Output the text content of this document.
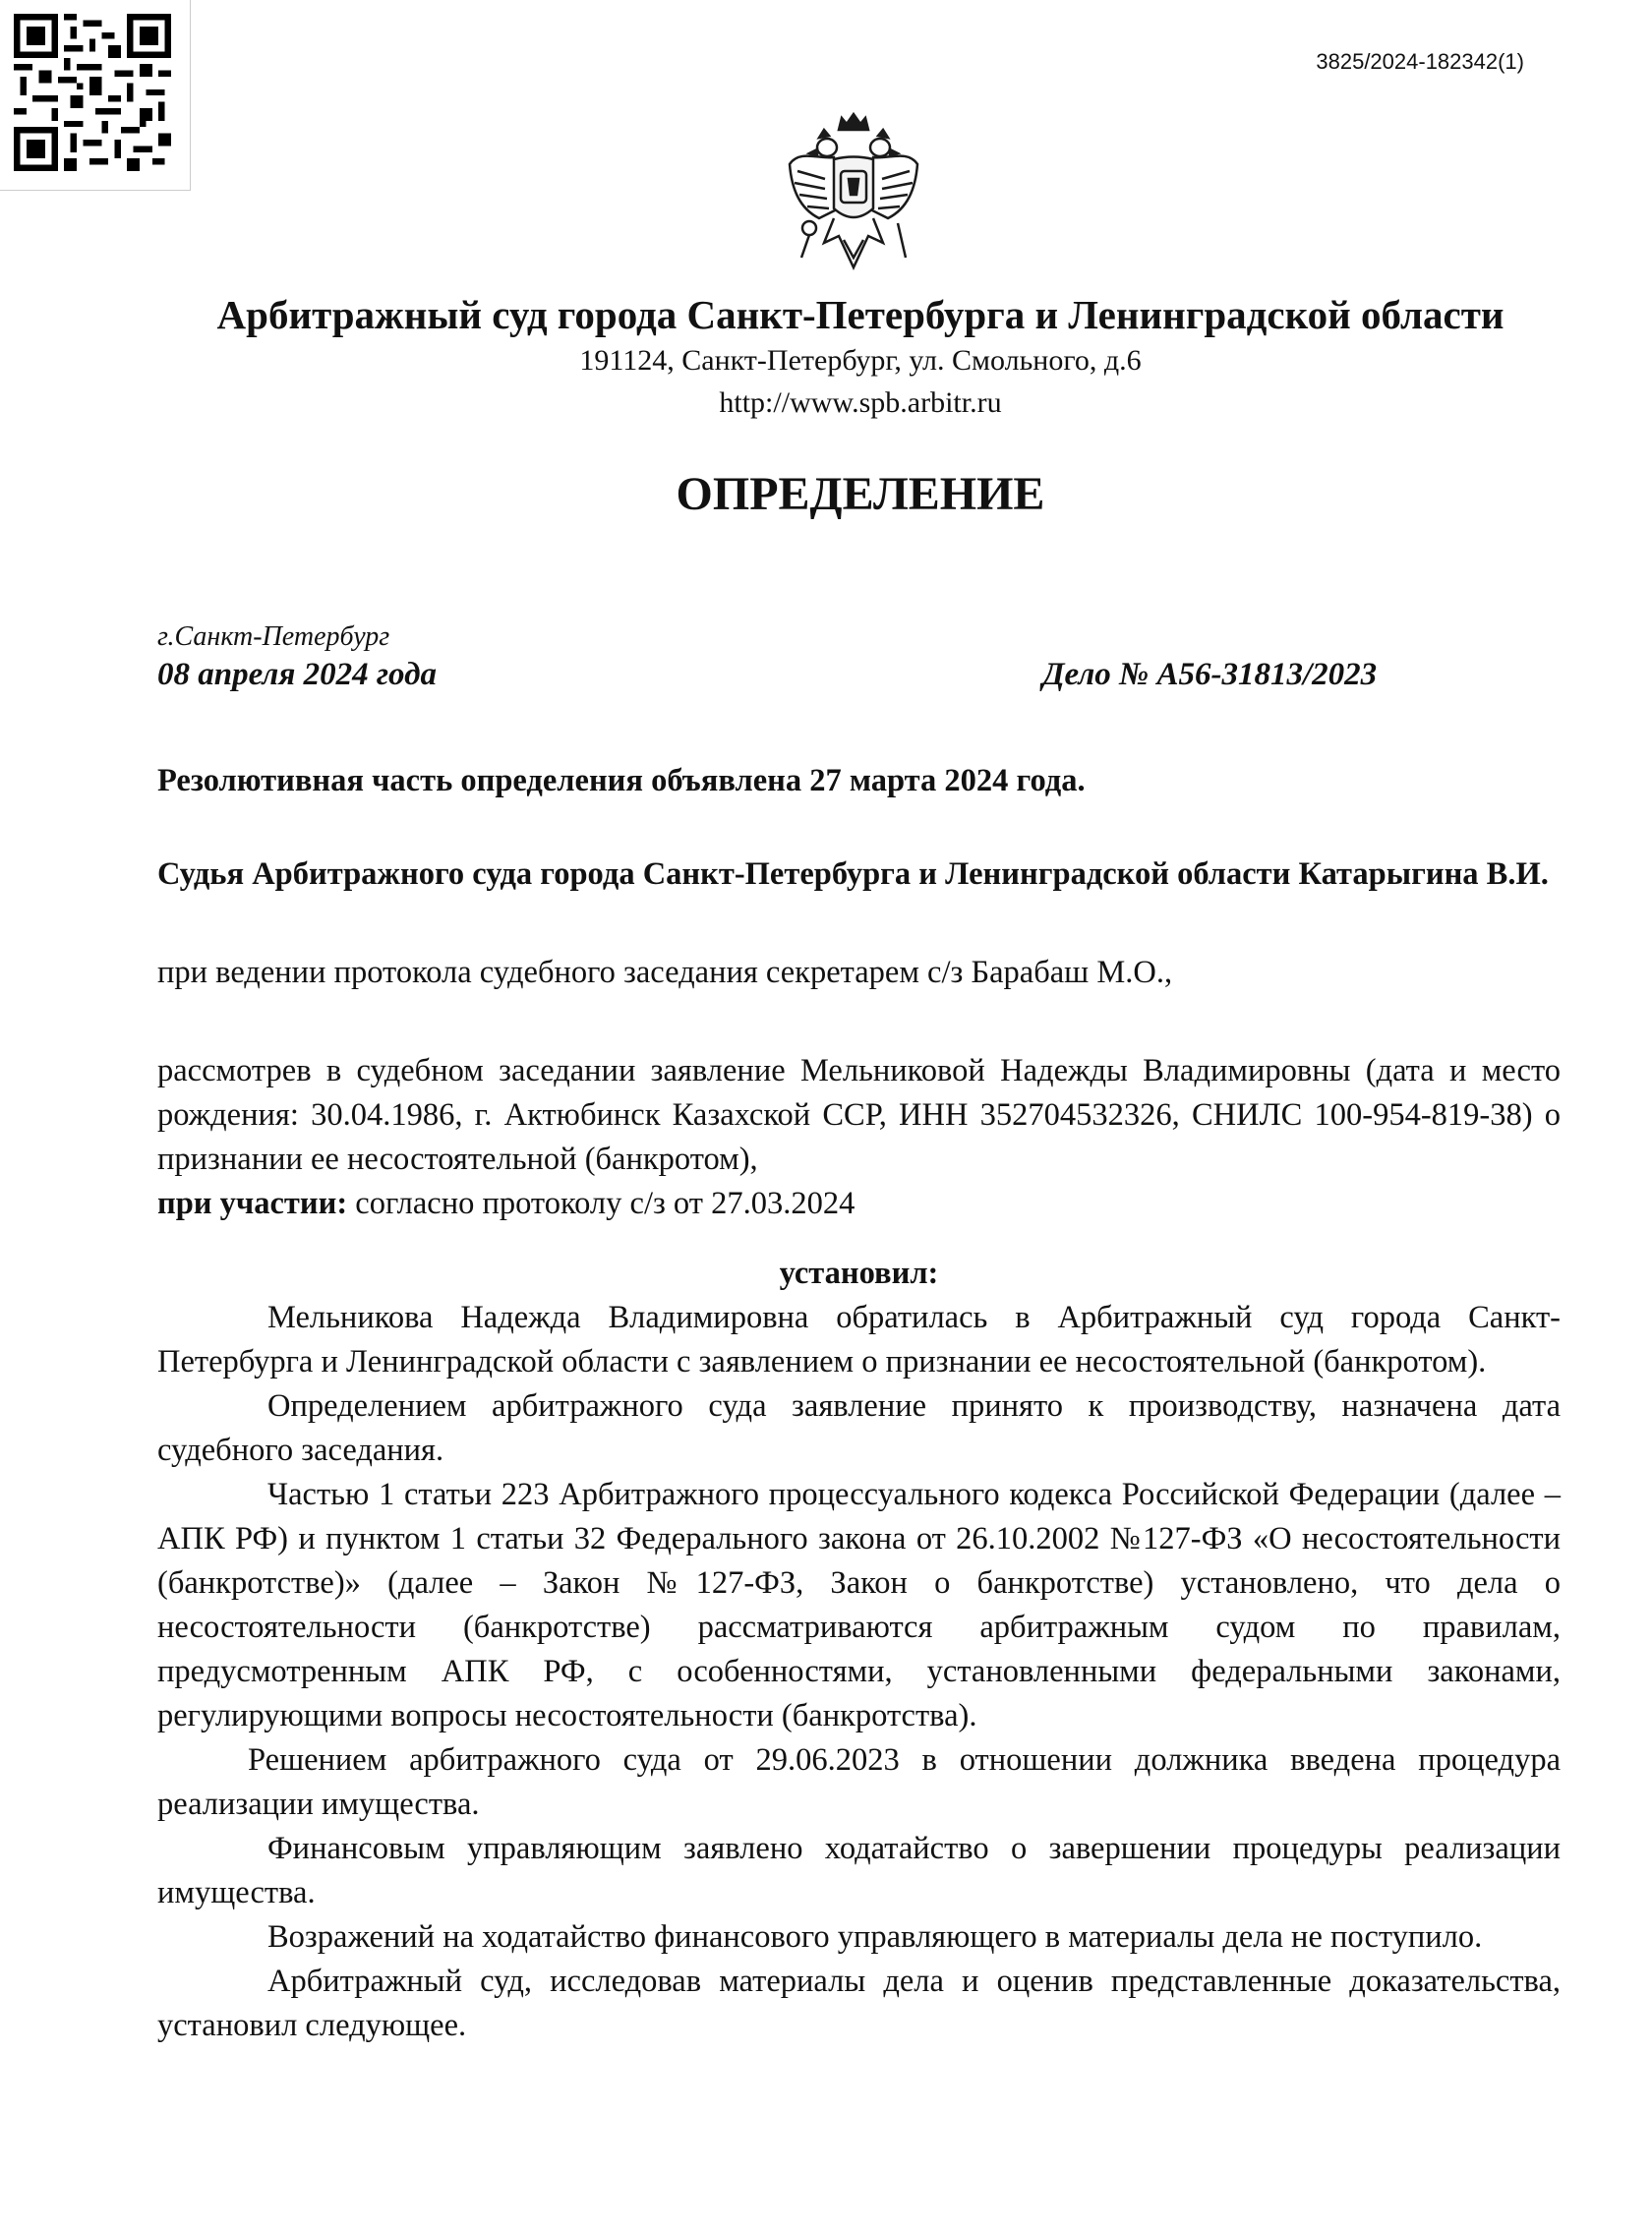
3825/2024-182342(1)
Арбитражный суд города Санкт-Петербурга и Ленинградской области
191124, Санкт-Петербург, ул. Смольного, д.6
http://www.spb.arbitr.ru
ОПРЕДЕЛЕНИЕ
г.Санкт-Петербург
08 апреля 2024 года	Дело № А56-31813/2023

Резолютивная часть определения объявлена 27 марта 2024 года.

Судья Арбитражного суда города Санкт-Петербурга и Ленинградской области Катарыгина В.И.

при ведении протокола судебного заседания секретарем с/з Барабаш М.О.,

рассмотрев в судебном заседании заявление Мельниковой Надежды Владимировны (дата и место рождения: 30.04.1986, г. Актюбинск Казахской ССР, ИНН 352704532326, СНИЛС 100-954-819-38) о признании ее несостоятельной (банкротом),

при участии: согласно протоколу с/з от 27.03.2024

установил:

Мельникова Надежда Владимировна обратилась в Арбитражный суд города Санкт-Петербурга и Ленинградской области с заявлением о признании ее несостоятельной (банкротом).

Определением арбитражного суда заявление принято к производству, назначена дата судебного заседания.

Частью 1 статьи 223 Арбитражного процессуального кодекса Российской Федерации (далее – АПК РФ) и пунктом 1 статьи 32 Федерального закона от 26.10.2002 №127-ФЗ «О несостоятельности (банкротстве)» (далее – Закон №127-ФЗ, Закон о банкротстве) установлено, что дела о несостоятельности (банкротстве) рассматриваются арбитражным судом по правилам, предусмотренным АПК РФ, с особенностями, установленными федеральными законами, регулирующими вопросы несостоятельности (банкротства).

Решением арбитражного суда от 29.06.2023 в отношении должника введена процедура реализации имущества.

Финансовым управляющим заявлено ходатайство о завершении процедуры реализации имущества.

Возражений на ходатайство финансового управляющего в материалы дела не поступило.

Арбитражный суд, исследовав материалы дела и оценив представленные доказательства, установил следующее.
